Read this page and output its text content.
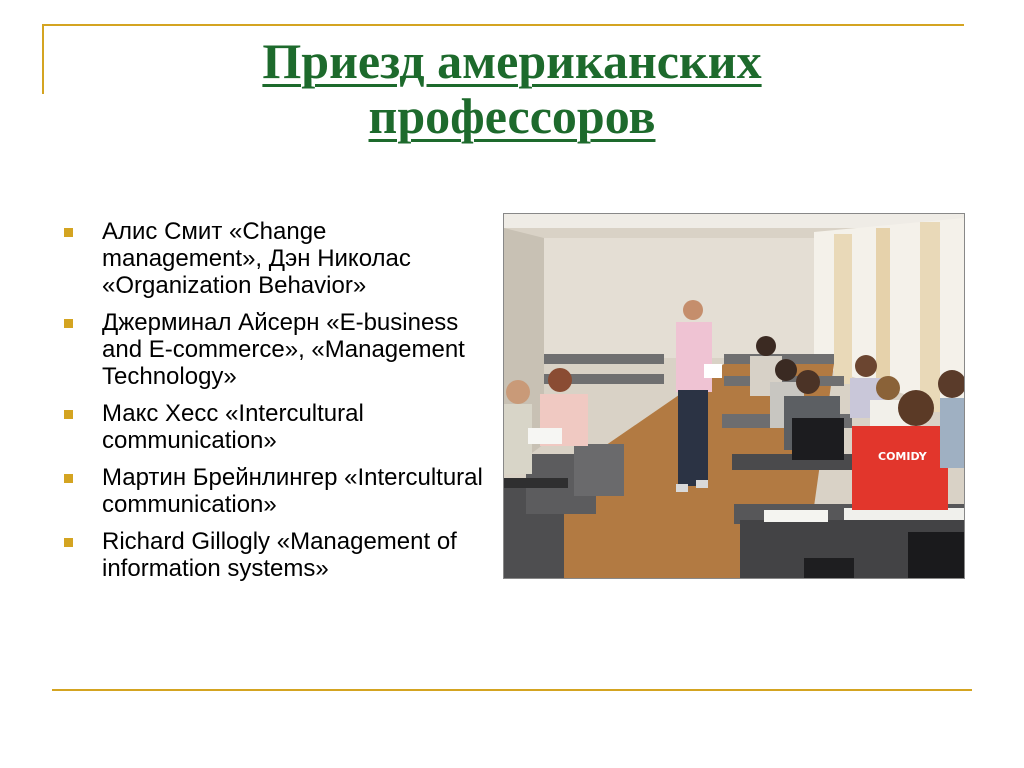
Приезд американских
профессоров
Алис Смит «Change management», Дэн Николас «Organization Behavior»
Джерминал Айсерн «E-business and E-commerce», «Management Technology»
Макс Хесс «Intercultural communication»
Мартин Брейнлингер «Intercultural communication»
Richard Gillogly «Management of information systems»
COMIDY
